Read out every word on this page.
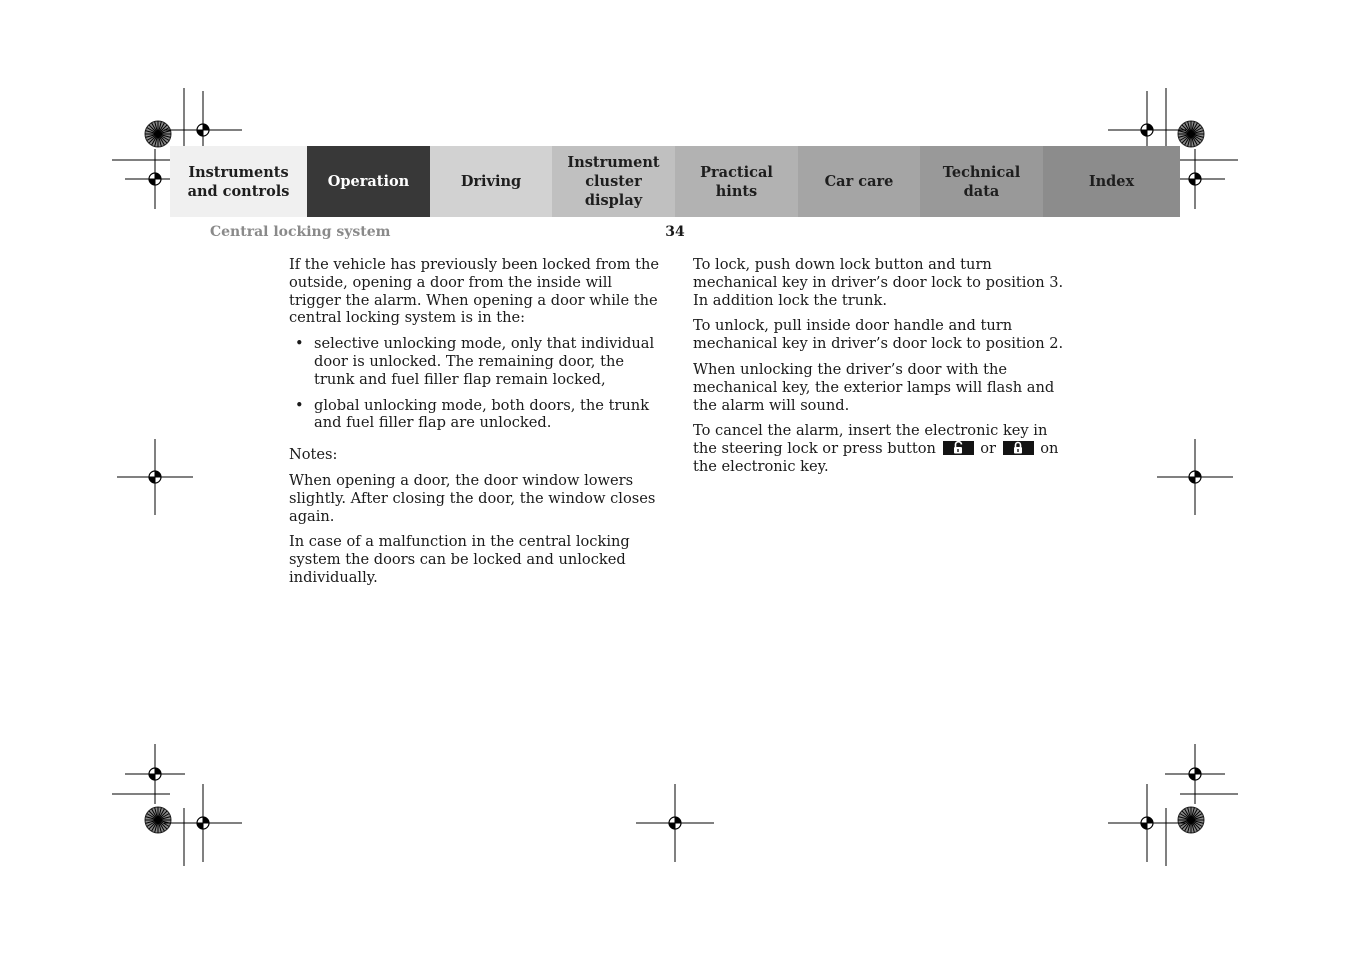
Instruments
and controls
Operation	Driving
Instrument
cluster display
Practical hints
Car care
Technical
data
Index
Central locking system	34

If the vehicle has previously been locked from the outside, opening a door from the inside will trigger the alarm. When opening a door while the central locking system is in the:

• selective unlocking mode, only that individual door is unlocked. The remaining door, the trunk and fuel filler flap remain locked,
• global unlocking mode, both doors, the trunk and fuel filler flap are unlocked.

Notes:

When opening a door, the door window lowers slightly. After closing the door, the window closes again.

In case of a malfunction in the central locking system the doors can be locked and unlocked individually.

To lock, push down lock button and turn mechanical key in driver’s door lock to position 3. In addition lock the trunk.

To unlock, pull inside door handle and turn mechanical key in driver’s door lock to position 2.

When unlocking the driver’s door with the mechanical key, the exterior lamps will flash and the alarm will sound.

To cancel the alarm, insert the electronic key in the steering lock or press button	or	on the electronic key.
